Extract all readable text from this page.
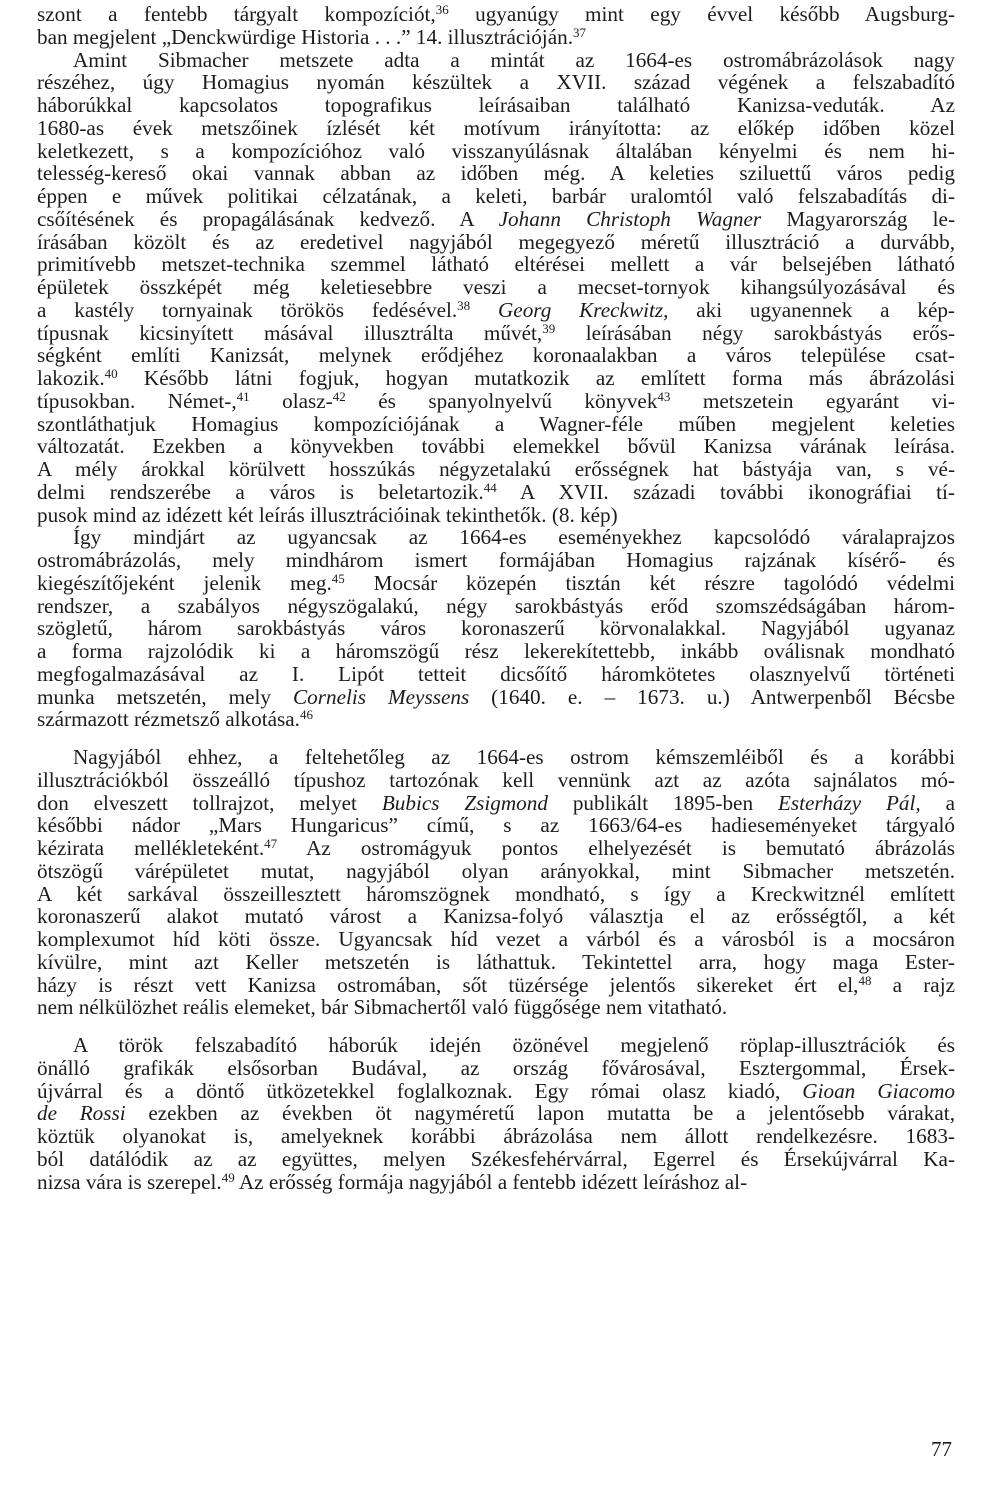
szont a fentebb tárgyalt kompozíciót,$^{36}$ ugyanúgy mint egy évvel később Augsburg-
ban megjelent „Denckwürdige Historia . . .” 14. illusztrációján.$^{37}$

Amint Sibmacher metszete adta a mintát az 1664-es ostromábrázolások nagy
részéhez, úgy Homagius nyomán készültek a XVII. század végének a felszabadító
háborúkkal kapcsolatos topografikus leírásaiban található Kanizsa-veduták. Az
1680-as évek metszőinek ízlését két motívum irányította: az előkép időben közel
keletkezett, s a kompozícióhoz való visszanyúlásnak általában kényelmi és nem hi-
telesség-kereső okai vannak abban az időben még. A keleties sziluettű város pedig
éppen e művek politikai célzatának, a keleti, barbár uralomtól való felszabadítás di-
csőítésének és propagálásának kedvező. A Johann Christoph Wagner Magyarország le-
írásában közölt és az eredetivel nagyjából megegyező méretű illusztráció a durvább,
primitívebb metszet-technika szemmel látható eltérései mellett a vár belsejében látható
épületek összképét még keletiesebbre veszi a mecset-tornyok kihangsúlyozásával és
a kastély tornyainak törökös fedésével.$^{38}$ Georg Kreckwitz, aki ugyanennek a kép-
típusnak kicsinyített másával illusztrálta művét,$^{39}$ leírásában négy sarokbástyás erős-
ségként említi Kanizsát, melynek erődjéhez koronaalakban a város települése csat-
lakozik.$^{40}$ Később látni fogjuk, hogyan mutatkozik az említett forma más ábrázolási
típusokban. Német-,$^{41}$ olasz-$^{42}$ és spanyolnyelvű könyvek$^{43}$ metszetein egyaránt vi-
szontláthatjuk Homagius kompozíciójának a Wagner-féle műben megjelent keleties
változatát. Ezekben a könyvekben további elemekkel bővül Kanizsa várának leírása.
A mély árokkal körülvett hosszúkás négyzetalakú erősségnek hat bástyája van, s vé-
delmi rendszerébe a város is beletartozik.$^{44}$ A XVII. századi további ikonográfiai tí-
pusok mind az idézett két leírás illusztrációinak tekinthetők. (8. kép)

Így mindjárt az ugyancsak az 1664-es eseményekhez kapcsolódó váralaprajzos
ostromábrázolás, mely mindhárom ismert formájában Homagius rajzának kísérő- és
kiegészítőjeként jelenik meg.$^{45}$ Mocsár közepén tisztán két részre tagolódó védelmi
rendszer, a szabályos négyszögalakú, négy sarokbástyás erőd szomszédságában három-
szögletű, három sarokbástyás város koronaszerű körvonalakkal. Nagyjából ugyanaz
a forma rajzolódik ki a háromszögű rész lekerekítettebb, inkább oválisnak mondható
megfogalmazásával az I. Lipót tetteit dicsőítő háromkötetes olasznyelvű történeti
munka metszetén, mely Cornelis Meyssens (1640. e. – 1673. u.) Antwerpenből Bécsbe
származott rézmetsző alkotása.$^{46}$

Nagyjából ehhez, a feltehetőleg az 1664-es ostrom kémszemléiből és a korábbi
illusztrációkból összeálló típushoz tartozónak kell vennünk azt az azóta sajnálatos mó-
don elveszett tollrajzot, melyet Bubics Zsigmond publikált 1895-ben Esterházy Pál, a
későbbi nádor „Mars Hungaricus” című, s az 1663/64-es hadieseményeket tárgyaló
kézirata mellékleteként.$^{47}$ Az ostromágyuk pontos elhelyezését is bemutató ábrázolás
ötszögű várépületet mutat, nagyjából olyan arányokkal, mint Sibmacher metszetén.
A két sarkával összeillesztett háromszögnek mondható, s így a Kreckwitznél említett
koronaszerű alakot mutató várost a Kanizsa-folyó választja el az erősségtől, a két
komplexumot híd köti össze. Ugyancsak híd vezet a várból és a városból is a mocsáron
kívülre, mint azt Keller metszetén is láthattuk. Tekintettel arra, hogy maga Ester-
házy is részt vett Kanizsa ostromában, sőt tüzérsége jelentős sikereket ért el,$^{48}$ a rajz
nem nélkülözhet reális elemeket, bár Sibmachertől való függősége nem vitatható.

A török felszabadító háborúk idején özönével megjelenő röplap-illusztrációk és
önálló grafikák elsősorban Budával, az ország fővárosával, Esztergommal, Érsek-
újvárral és a döntő ütközetekkel foglalkoznak. Egy római olasz kiadó, Gioan Giacomo
de Rossi ezekben az években öt nagyméretű lapon mutatta be a jelentősebb várakat,
köztük olyanokat is, amelyeknek korábbi ábrázolása nem állott rendelkezésre. 1683-
ból datálódik az az együttes, melyen Székesfehérvárral, Egerrel és Érsekújvárral Ka-
nizsa vára is szerepel.$^{49}$ Az erősség formája nagyjából a fentebb idézett leíráshoz al-

77
